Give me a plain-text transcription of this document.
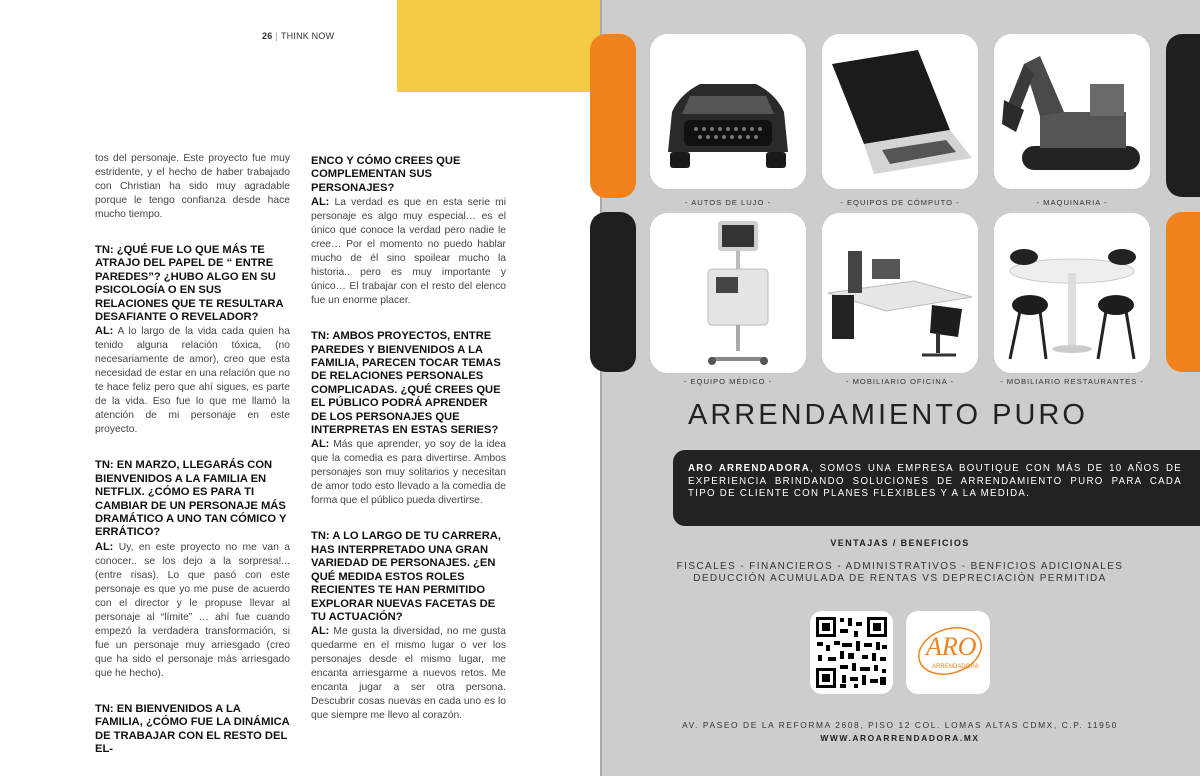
26 | THINK NOW

tos del personaje. Este proyecto fue muy estridente, y el hecho de haber trabajado con Christian ha sido muy agradable porque le tengo confianza desde hace mucho tiempo.

TN: ¿QUÉ FUE LO QUE MÁS TE ATRAJO DEL PAPEL DE “ ENTRE PAREDES”? ¿HUBO ALGO EN SU PSICOLOGÍA O EN SUS RELACIONES QUE TE RESULTARA DESAFIANTE O REVELADOR?

AL: A lo largo de la vida cada quien ha tenido alguna relación tóxica, (no necesariamente de amor), creo que esta necesidad de estar en una relación que no te hace feliz pero que ahí sigues, es parte de la vida. Eso fue lo que me llamó la atención de mi personaje en este proyecto.

TN: EN MARZO, LLEGARÁS CON BIENVENIDOS A LA FAMILIA EN NETFLIX. ¿CÓMO ES PARA TI CAMBIAR DE UN PERSONAJE MÁS DRAMÁTICO A UNO TAN CÓMICO Y ERRÁTICO?

AL: Uy, en este proyecto no me van a conocer.. se los dejo a la sorpresa!... (entre risas). Lo que pasó con este personaje es que yo me puse de acuerdo con el director y le propuse llevar al personaje al “límite” … ahí fue cuando empezó la verdadera transformación, si fue un personaje muy arriesgado (creo que ha sido el personaje más arriesgado que he hecho).

TN: EN BIENVENIDOS A LA FAMILIA, ¿CÓMO FUE LA DINÁMICA DE TRABAJAR CON EL RESTO DEL EL-

ENCO Y CÓMO CREES QUE COMPLEMENTAN SUS PERSONAJES?

AL: La verdad es que en esta serie mi personaje es algo muy especial… es el único que conoce la verdad pero nadie le cree… Por el momento no puedo hablar mucho de él sino spoilear mucho la historia.. pero es muy importante y único… El trabajar con el resto del elenco fue un enorme placer.

TN: AMBOS PROYECTOS, ENTRE PAREDES Y BIENVENIDOS A LA FAMILIA, PARECEN TOCAR TEMAS DE RELACIONES PERSONALES COMPLICADAS. ¿QUÉ CREES QUE EL PÚBLICO PODRÁ APRENDER DE LOS PERSONAJES QUE INTERPRETAS EN ESTAS SERIES?

AL: Más que aprender, yo soy de la idea que la comedia es para divertirse. Ambos personajes son muy solitarios y necesitan de amor todo esto llevado a la comedia de forma que el público pueda divertirse.

TN: A LO LARGO DE TU CARRERA, HAS INTERPRETADO UNA GRAN VARIEDAD DE PERSONAJES. ¿EN QUÉ MEDIDA ESTOS ROLES RECIENTES TE HAN PERMITIDO EXPLORAR NUEVAS FACETAS DE TU ACTUACIÓN?

AL: Me gusta la diversidad, no me gusta quedarme en el mismo lugar o ver los personajes desde el mismo lugar, me encanta arriesgarme a nuevos retos. Me encanta jugar a ser otra persona. Descubrir cosas nuevas en cada uno es lo que siempre me llevo al corazón.

- AUTOS DE LUJO -	- EQUIPOS DE CÓMPUTO -	- MAQUINARIA -
- EQUIPO MÉDICO -	- MOBILIARIO OFICINA -	- MOBILIARIO RESTAURANTES -
ARRENDAMIENTO PURO
ARO ARRENDADORA, SOMOS UNA EMPRESA BOUTIQUE CON MÁS DE 10 AÑOS DE EXPERIENCIA BRINDANDO SOLUCIONES DE ARRENDAMIENTO PURO PARA CADA TIPO DE CLIENTE CON PLANES FLEXIBLES Y A LA MEDIDA.
VENTAJAS / BENEFICIOS
FISCALES - FINANCIEROS - ADMINISTRATIVOS - BENFICIOS ADICIONALES
DEDUCCIÓN ACUMULADA DE RENTAS VS DEPRECIACIÓN PERMITIDA
ARO
ARRENDADORA
AV. PASEO DE LA REFORMA 2608, PISO 12 COL. LOMAS ALTAS CDMX, C.P. 11950
WWW.AROARRENDADORA.MX
